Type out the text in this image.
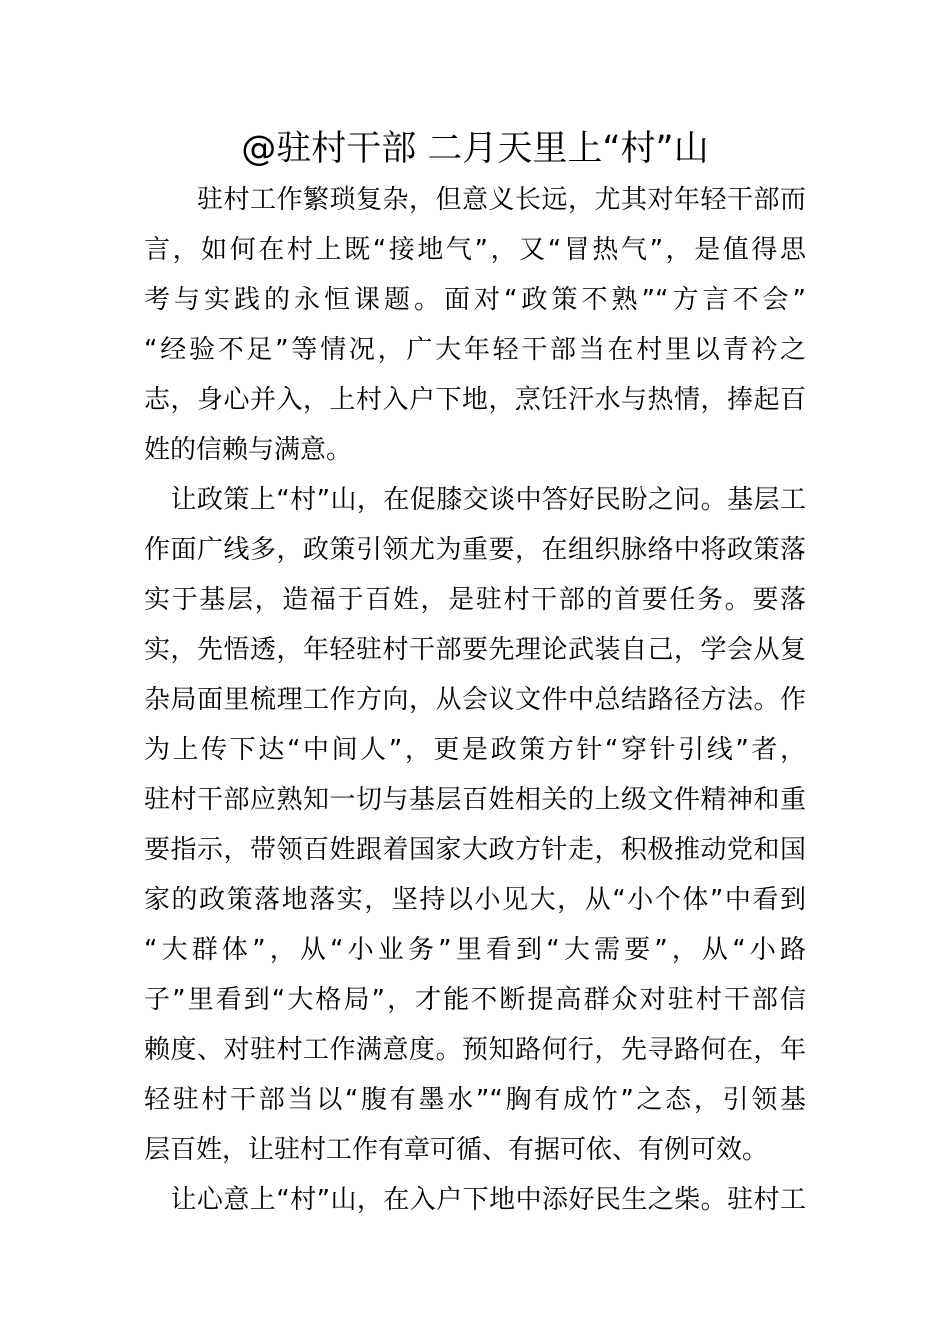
@驻村干部 二月天里上“村”山
　　驻村工作繁琐复杂，但意义长远，尤其对年轻干部而
言，如何在村上既“接地气”，又“冒热气”，是值得思
考与实践的永恒课题。面对“政策不熟”“方言不会”
“经验不足”等情况，广大年轻干部当在村里以青衿之
志，身心并入，上村入户下地，烹饪汗水与热情，捧起百
姓的信赖与满意。
　让政策上“村”山，在促膝交谈中答好民盼之问。基层工
作面广线多，政策引领尤为重要，在组织脉络中将政策落
实于基层，造福于百姓，是驻村干部的首要任务。要落
实，先悟透，年轻驻村干部要先理论武装自己，学会从复
杂局面里梳理工作方向，从会议文件中总结路径方法。作
为上传下达“中间人”，更是政策方针“穿针引线”者，
驻村干部应熟知一切与基层百姓相关的上级文件精神和重
要指示，带领百姓跟着国家大政方针走，积极推动党和国
家的政策落地落实，坚持以小见大，从“小个体”中看到
“大群体”，从“小业务”里看到“大需要”，从“小路
子”里看到“大格局”，才能不断提高群众对驻村干部信
赖度、对驻村工作满意度。预知路何行，先寻路何在，年
轻驻村干部当以“腹有墨水”“胸有成竹”之态，引领基
层百姓，让驻村工作有章可循、有据可依、有例可效。
　让心意上“村”山，在入户下地中添好民生之柴。驻村工
